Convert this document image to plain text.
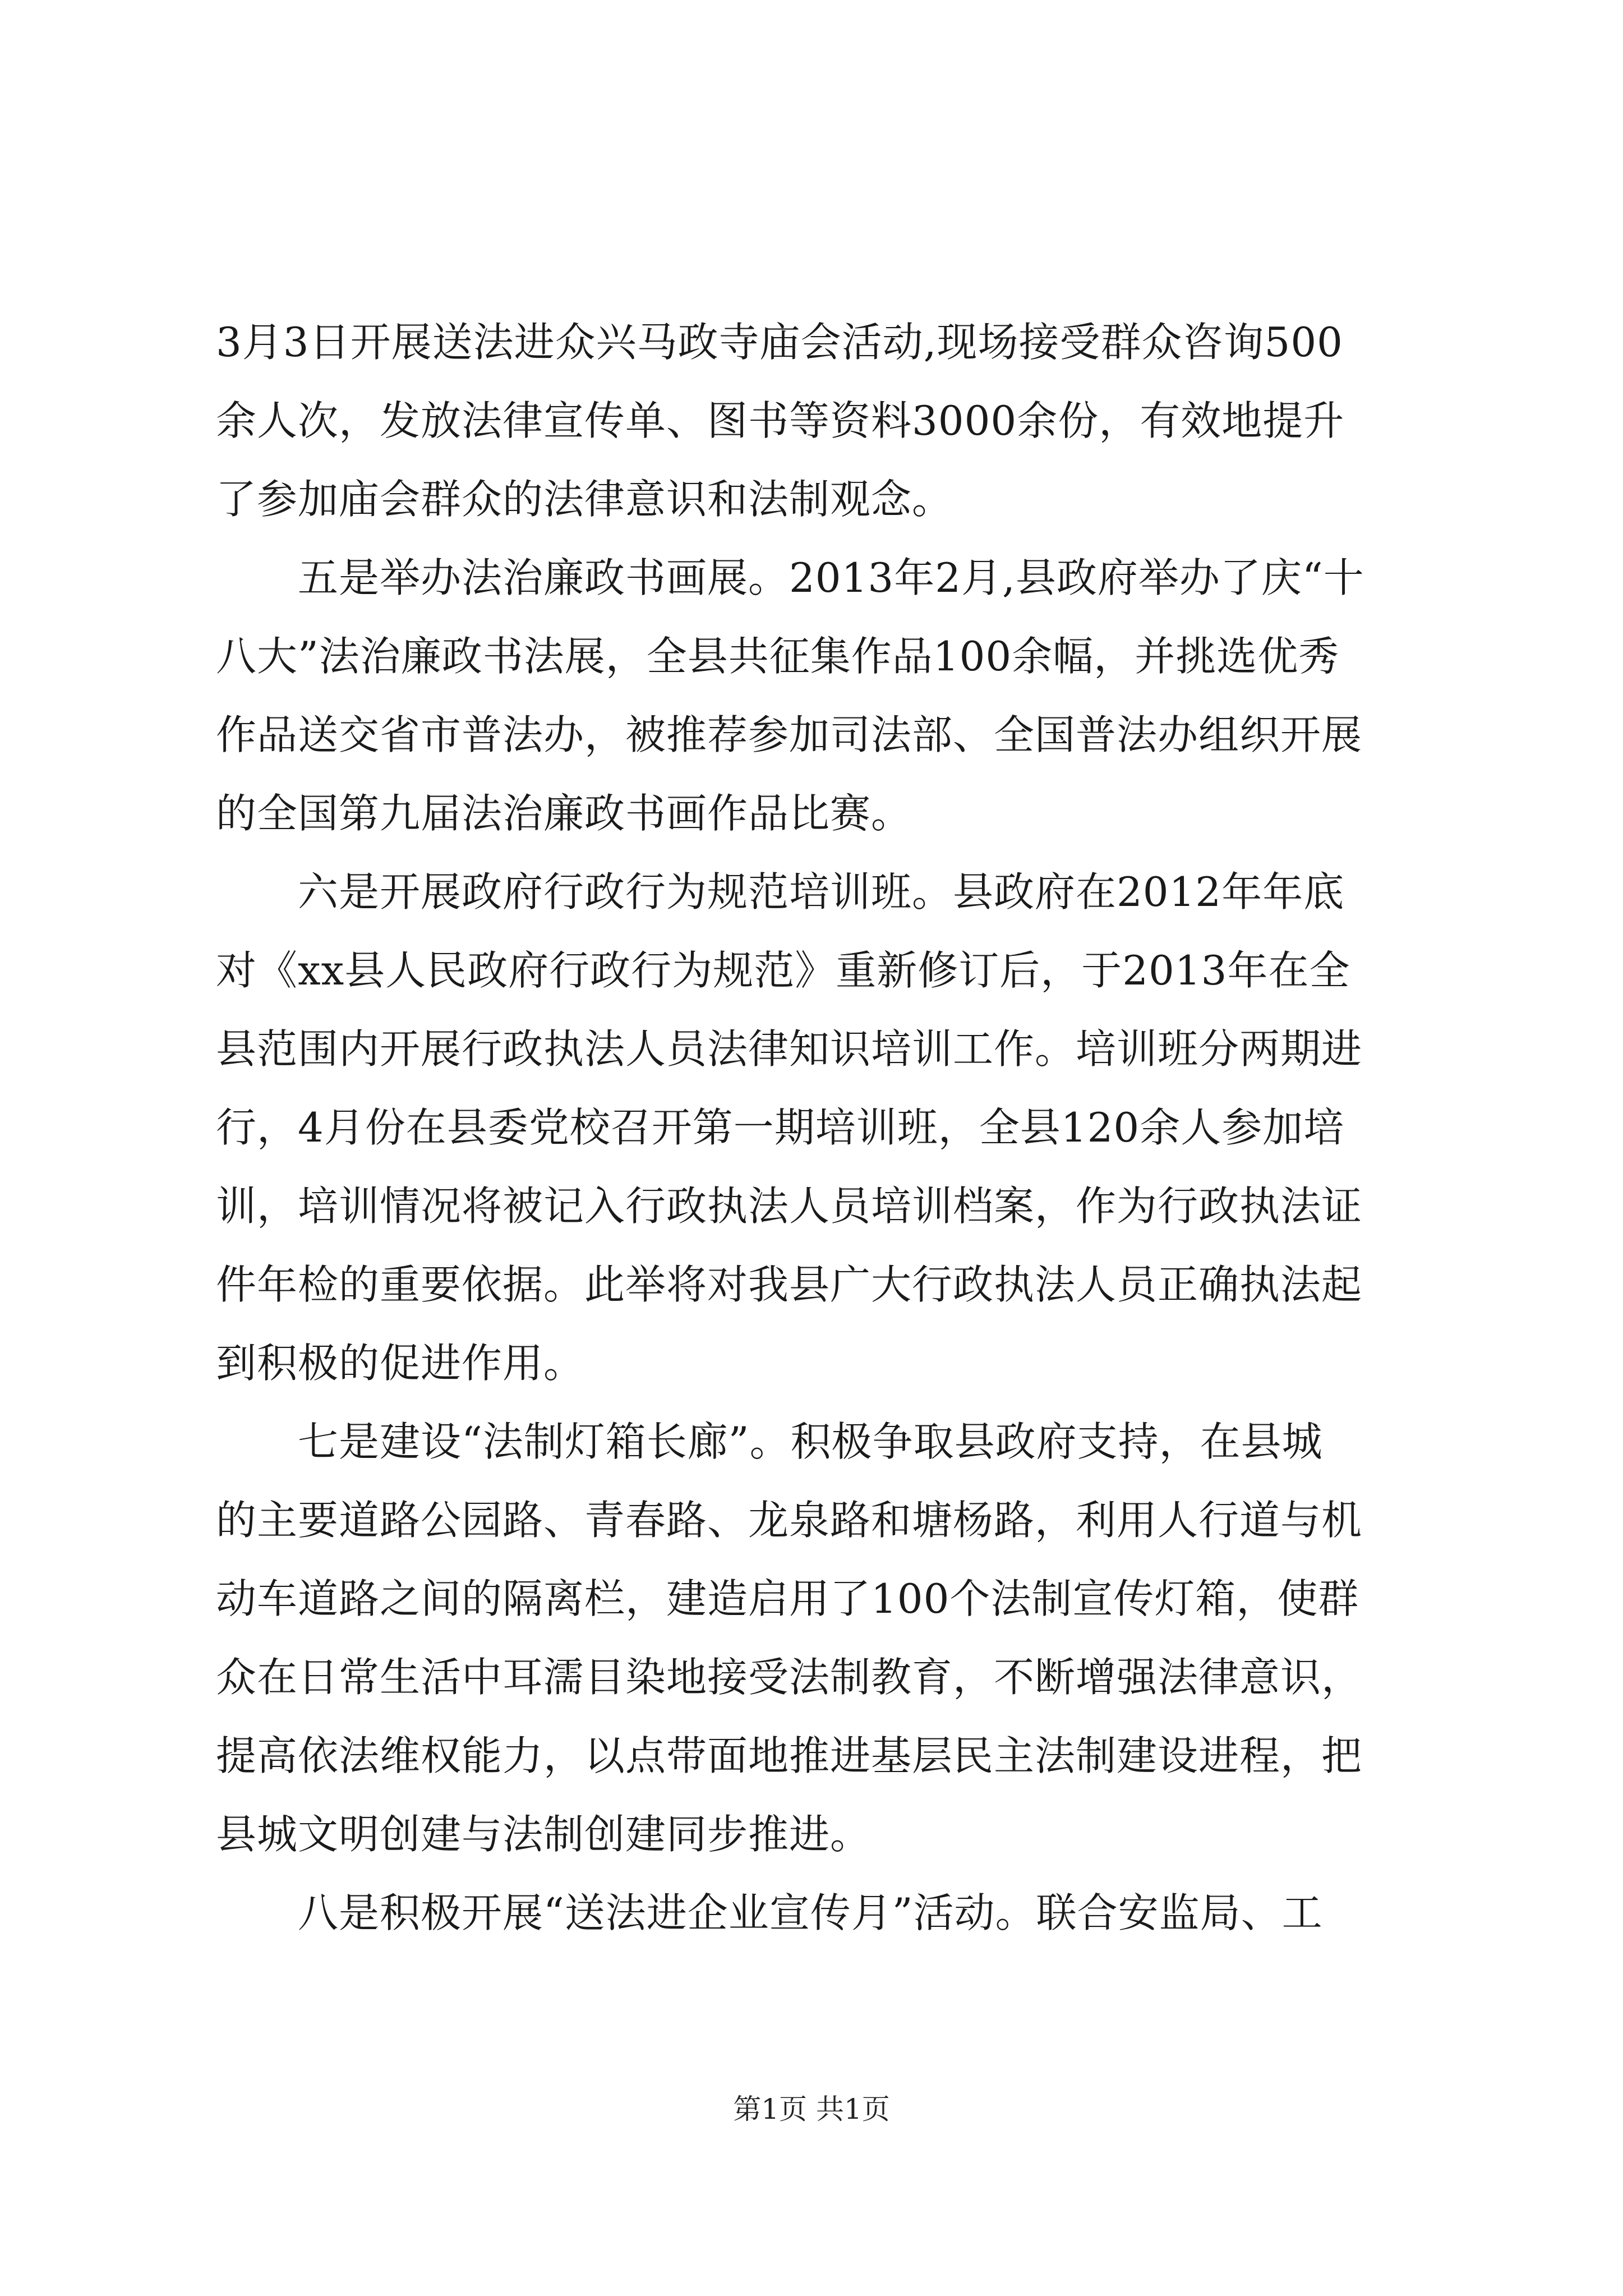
3月3日开展送法进众兴马政寺庙会活动,现场接受群众咨询500
余人次，发放法律宣传单、图书等资料3000余份，有效地提升
了参加庙会群众的法律意识和法制观念。
　　五是举办法治廉政书画展。2013年2月,县政府举办了庆“十
八大”法治廉政书法展，全县共征集作品100余幅，并挑选优秀
作品送交省市普法办，被推荐参加司法部、全国普法办组织开展
的全国第九届法治廉政书画作品比赛。
　　六是开展政府行政行为规范培训班。县政府在2012年年底
对《xx县人民政府行政行为规范》重新修订后，于2013年在全
县范围内开展行政执法人员法律知识培训工作。培训班分两期进
行，4月份在县委党校召开第一期培训班，全县120余人参加培
训，培训情况将被记入行政执法人员培训档案，作为行政执法证
件年检的重要依据。此举将对我县广大行政执法人员正确执法起
到积极的促进作用。
　　七是建设“法制灯箱长廊”。积极争取县政府支持，在县城
的主要道路公园路、青春路、龙泉路和塘杨路，利用人行道与机
动车道路之间的隔离栏，建造启用了100个法制宣传灯箱，使群
众在日常生活中耳濡目染地接受法制教育，不断增强法律意识，
提高依法维权能力，以点带面地推进基层民主法制建设进程，把
县城文明创建与法制创建同步推进。
　　八是积极开展“送法进企业宣传月”活动。联合安监局、工
第1页 共1页
